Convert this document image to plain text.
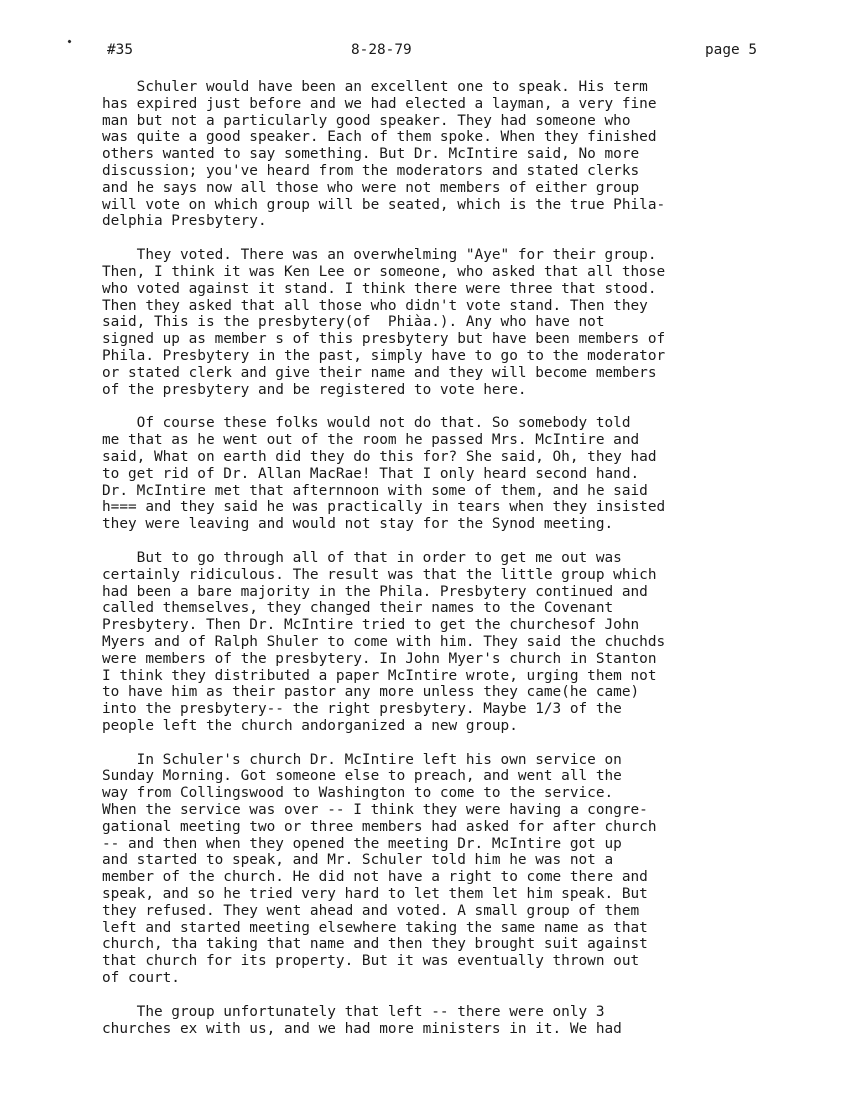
#35	8-28-79	page 5
Schuler would have been an excellent one to speak. His term
has expired just before and we had elected a layman, a very fine
man but not a particularly good speaker. They had someone who
was quite a good speaker. Each of them spoke. When they finished
others wanted to say something. But Dr. McIntire said, No more
discussion; you've heard from the moderators and stated clerks
and he says now all those who were not members of either group
will vote on which group will be seated, which is the true Phila-
delphia Presbytery.
They voted. There was an overwhelming "Aye" for their group.
Then, I think it was Ken Lee or someone, who asked that all those
who voted against it stand. I think there were three that stood.
Then they asked that all those who didn't vote stand. Then they
said, This is the presbytery(of  Phiàa.). Any who have not
signed up as member s of this presbytery but have been members of
Phila. Presbytery in the past, simply have to go to the moderator
or stated clerk and give their name and they will become members
of the presbytery and be registered to vote here.
Of course these folks would not do that. So somebody told
me that as he went out of the room he passed Mrs. McIntire and
said, What on earth did they do this for? She said, Oh, they had
to get rid of Dr. Allan MacRae! That I only heard second hand.
Dr. McIntire met that afternnoon with some of them, and he said
h=== and they said he was practically in tears when they insisted
they were leaving and would not stay for the Synod meeting.
But to go through all of that in order to get me out was
certainly ridiculous. The result was that the little group which
had been a bare majority in the Phila. Presbytery continued and
called themselves, they changed their names to the Covenant
Presbytery. Then Dr. McIntire tried to get the churchesof John
Myers and of Ralph Shuler to come with him. They said the chuchds
were members of the presbytery. In John Myer's church in Stanton
I think they distributed a paper McIntire wrote, urging them not
to have him as their pastor any more unless they came(he came)
into the presbytery-- the right presbytery. Maybe 1/3 of the
people left the church andorganized a new group.
In Schuler's church Dr. McIntire left his own service on
Sunday Morning. Got someone else to preach, and went all the
way from Collingswood to Washington to come to the service.
When the service was over -- I think they were having a congre-
gational meeting two or three members had asked for after church
-- and then when they opened the meeting Dr. McIntire got up
and started to speak, and Mr. Schuler told him he was not a
member of the church. He did not have a right to come there and
speak, and so he tried very hard to let them let him speak. But
they refused. They went ahead and voted. A small group of them
left and started meeting elsewhere taking the same name as that
church, tha taking that name and then they brought suit against
that church for its property. But it was eventually thrown out
of court.
The group unfortunately that left -- there were only 3
churches ex with us, and we had more ministers in it. We had
